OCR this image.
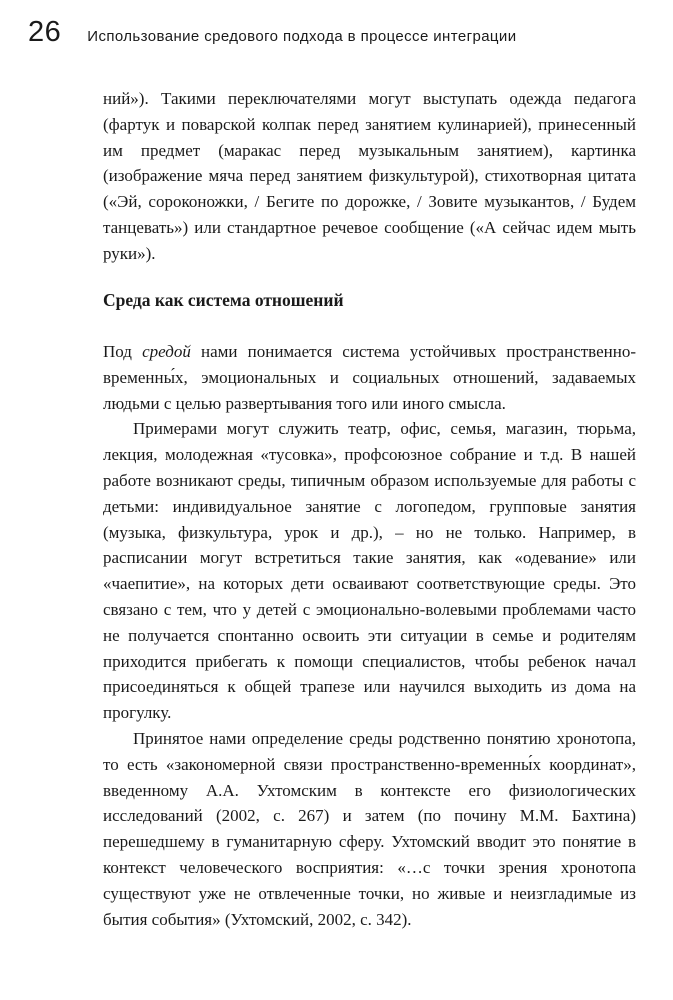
26 Использование средового подхода в процессе интеграции

ний»). Такими переключателями могут выступать одежда педагога (фартук и поварской колпак перед занятием кулинарией), принесенный им предмет (маракас перед музыкальным занятием), картинка (изображение мяча перед занятием физкультурой), стихотворная цитата («Эй, сороконожки, / Бегите по дорожке, / Зовите музыкантов, / Будем танцевать») или стандартное речевое сообщение («А сейчас идем мыть руки»).

Среда как система отношений

Под средой нами понимается система устойчивых пространственно-временны́х, эмоциональных и социальных отношений, задаваемых людьми с целью развертывания того или иного смысла.

Примерами могут служить театр, офис, семья, магазин, тюрьма, лекция, молодежная «тусовка», профсоюзное собрание и т.д. В нашей работе возникают среды, типичным образом используемые для работы с детьми: индивидуальное занятие с логопедом, групповые занятия (музыка, физкультура, урок и др.), – но не только. Например, в расписании могут встретиться такие занятия, как «одевание» или «чаепитие», на которых дети осваивают соответствующие среды. Это связано с тем, что у детей с эмоционально-волевыми проблемами часто не получается спонтанно освоить эти ситуации в семье и родителям приходится прибегать к помощи специалистов, чтобы ребенок начал присоединяться к общей трапезе или научился выходить из дома на прогулку.

Принятое нами определение среды родственно понятию хронотопа, то есть «закономерной связи пространственно-временны́х координат», введенному А.А. Ухтомским в контексте его физиологических исследований (2002, с. 267) и затем (по почину М.М. Бахтина) перешедшему в гуманитарную сферу. Ухтомский вводит это понятие в контекст человеческого восприятия: «…с точки зрения хронотопа существуют уже не отвлеченные точки, но живые и неизгладимые из бытия события» (Ухтомский, 2002, с. 342).
